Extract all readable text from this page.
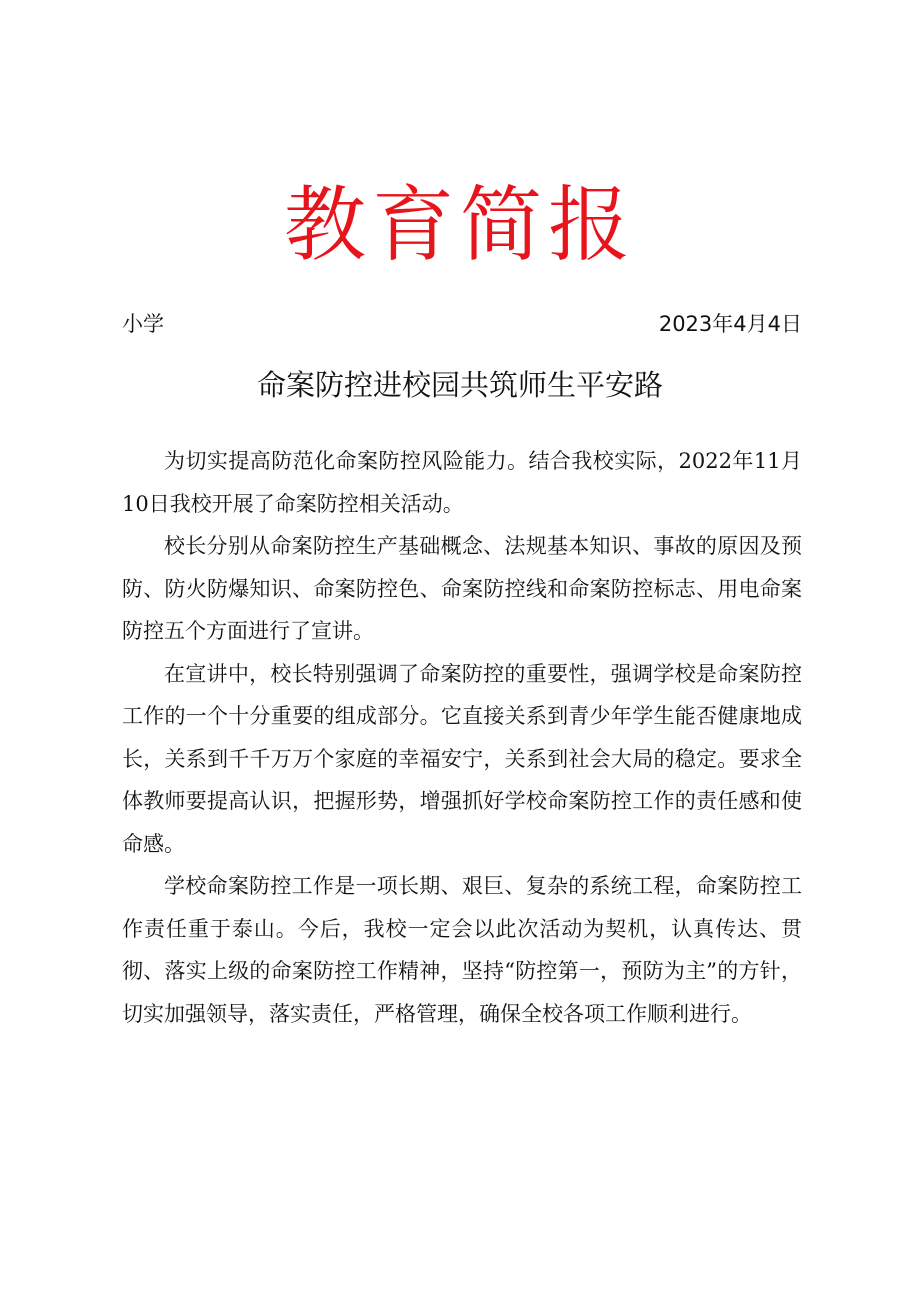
教育简报
小学	2023年4月4日
命案防控进校园共筑师生平安路

为切实提高防范化命案防控风险能力。结合我校实际，2022年11月10日我校开展了命案防控相关活动。

校长分别从命案防控生产基础概念、法规基本知识、事故的原因及预防、防火防爆知识、命案防控色、命案防控线和命案防控标志、用电命案防控五个方面进行了宣讲。

在宣讲中，校长特别强调了命案防控的重要性，强调学校是命案防控工作的一个十分重要的组成部分。它直接关系到青少年学生能否健康地成长，关系到千千万万个家庭的幸福安宁，关系到社会大局的稳定。要求全体教师要提高认识，把握形势，增强抓好学校命案防控工作的责任感和使命感。

学校命案防控工作是一项长期、艰巨、复杂的系统工程，命案防控工作责任重于泰山。今后，我校一定会以此次活动为契机，认真传达、贯彻、落实上级的命案防控工作精神，坚持“防控第一，预防为主”的方针，切实加强领导，落实责任，严格管理，确保全校各项工作顺利进行。
